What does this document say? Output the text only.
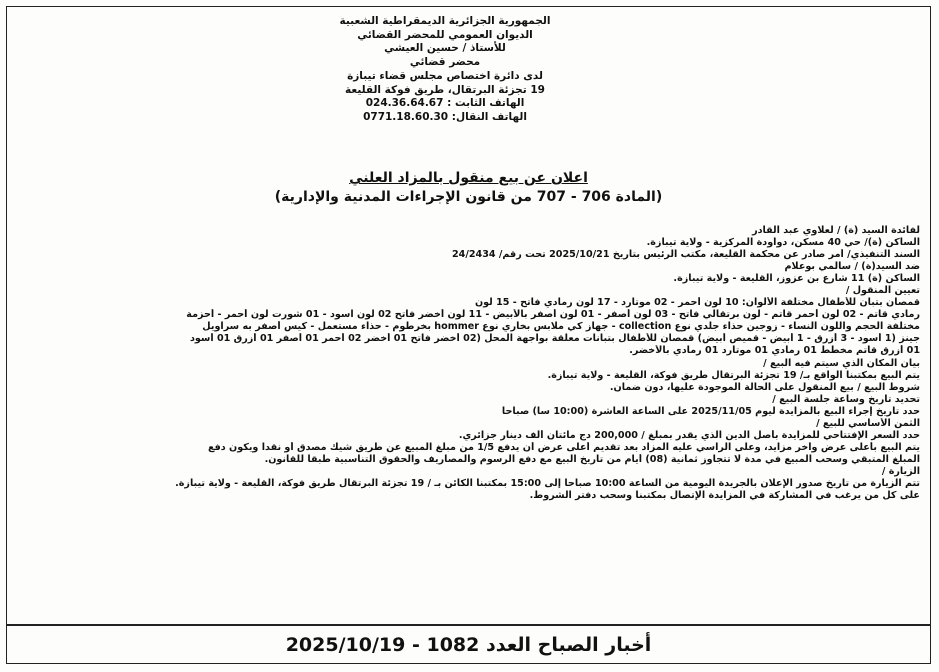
الجمهورية الجزائرية الديمقراطية الشعبية
الديوان العمومي للمحضر القضائي
للأستاذ / حسين العيشي
محضر قضائي
لدى دائرة اختصاص مجلس قضاء تيبازة
19 تجزئة البرتقال، طريق فوكة القليعة
الهاتف الثابت : 024.36.64.67
الهاتف النقال: 0771.18.60.30
اعلان عن بيع منقول بالمزاد العلني
(المادة 706 - 707 من قانون الإجراءات المدنية والإدارية)
لفائدة السيد (ة) / لعلاوي عبد القادر
الساكن (ة)/ حي 40 مسكن، دواودة المركزية - ولاية تيبازة.
السند التنفيذي/ أمر صادر عن محكمة القليعة، مكتب الرئيس بتاريخ 2025/10/21 تحت رقم/ 24/2434
ضد السيد(ة) / سالمي بوعلام
الساكن (ة) 11 شارع بن عزوز، القليعة - ولاية تيبازة.
تعيين المنقول /
قمصان بتبان للأطفال مختلفة الألوان: 10 لون أحمر - 02 موتارد - 17 لون رمادي فاتح - 15 لون
رمادي قاتم - 02 لون أحمر قاتم - لون برتقالي فاتح - 03 لون أصفر - 01 لون أصفر بالأبيض - 11 لون أخضر فاتح 02 لون اسود - 01 شورت لون أحمر - أحزمة
مختلفة الحجم واللون النساء - زوجين حذاء جلدي نوع collection - جهاز كي ملابس بخاري نوع hommer بخرطوم - حذاء مستعمل - كيس أصفر به سراويل
جينز (1 أسود - 3 أزرق - 1 أبيض - قميص أبيض) قمصان للأطفال بتبانات معلقة بواجهة المحل (02 أخضر فاتح 01 أخضر 02 أحمر 01 أصفر 01 أزرق 01 أسود
01 أزرق قاتم مخطط 01 رمادي 01 موتارد 01 رمادي بالأخضر.
بيان المكان الذي سيتم فيه البيع /
يتم البيع بمكتبنا الواقع بـ/ 19 تجزئة البرتقال طريق فوكة، القليعة - ولاية تيبازة.
شروط البيع / بيع المنقول على الحالة الموجودة عليها، دون ضمان.
تحديد تاريخ وساعة جلسة البيع /
حدد تاريخ إجراء البيع بالمزايدة ليوم 2025/11/05 على الساعة العاشرة (10:00 سا) صباحا
الثمن الأساسي للبيع /
حدد السعر الإفتتاحي للمزايدة بأصل الدين الذي يقدر بمبلغ / 200,000 دج مائتان ألف دينار جزائري.
يتم البيع بأعلى عرض وآخر مزايد، وعلى الراسي عليه المزاد بعد تقديم أعلى عرض أن يدفع 1/5 من مبلغ المبيع عن طريق شيك مصدق أو نقدا ويكون دفع
المبلغ المتبقي وسحب المبيع في مدة لا تتجاوز ثمانية (08) أيام من تاريخ البيع مع دفع الرسوم والمصاريف والحقوق التناسبية طبقا للقانون.
الزيارة /
تتم الزيارة من تاريخ صدور الإعلان بالجريدة اليومية من الساعة 10:00 صباحا إلى 15:00 بمكتبنا الكائن بـ / 19 تجزئة البرتقال طريق فوكة، القليعة - ولاية تيبازة.
على كل من يرغب في المشاركة في المزايدة الإتصال بمكتبنا وسحب دفتر الشروط.
أخبار الصباح العدد 1082 - 2025/10/19
